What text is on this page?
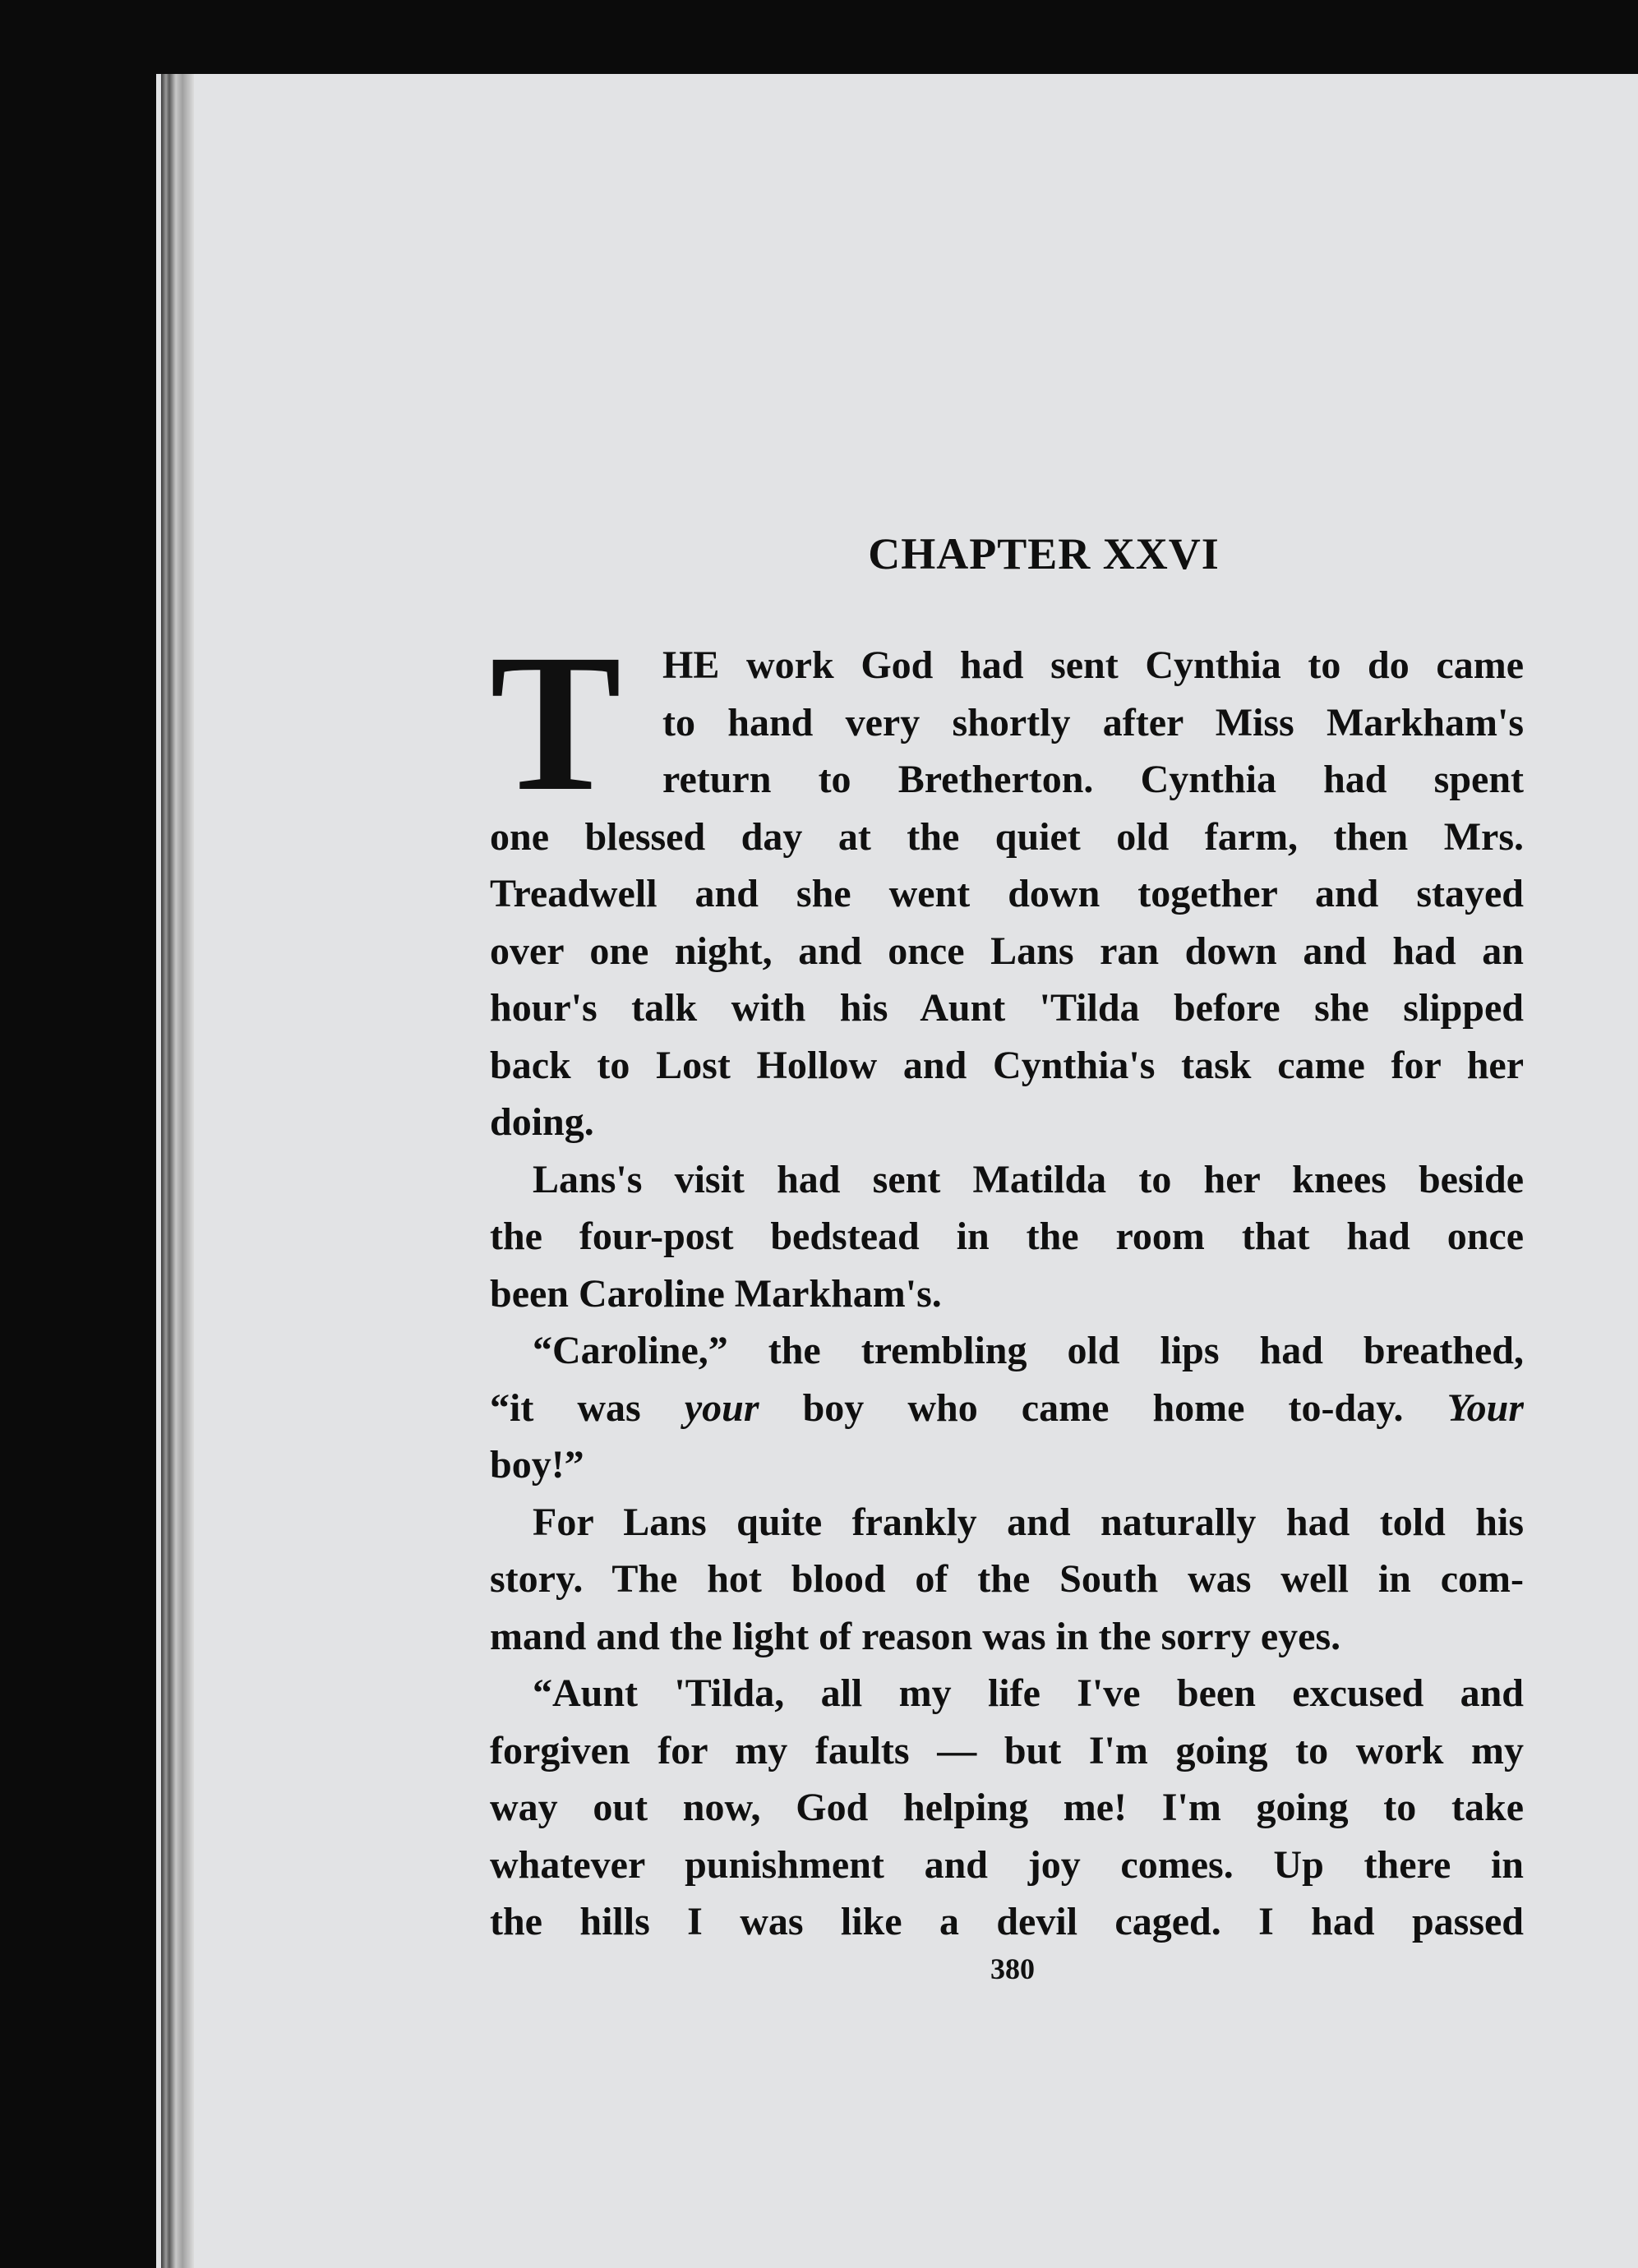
CHAPTER XXVI
T	HE work God had sent Cynthia to do came
to hand very shortly after Miss Markham's
return to Bretherton. Cynthia had spent
one blessed day at the quiet old farm, then Mrs.
Treadwell and she went down together and stayed
over one night, and once Lans ran down and had an
hour's talk with his Aunt 'Tilda before she slipped
back to Lost Hollow and Cynthia's task came for her
doing.
Lans's visit had sent Matilda to her knees beside
the four-post bedstead in the room that had once
been Caroline Markham's.
“Caroline,” the trembling old lips had breathed,
“it was your boy who came home to-day. Your
boy!”
For Lans quite frankly and naturally had told his
story. The hot blood of the South was well in com-
mand and the light of reason was in the sorry eyes.
“Aunt 'Tilda, all my life I've been excused and
forgiven for my faults — but I'm going to work my
way out now, God helping me! I'm going to take
whatever punishment and joy comes. Up there in
the hills I was like a devil caged. I had passed
380
